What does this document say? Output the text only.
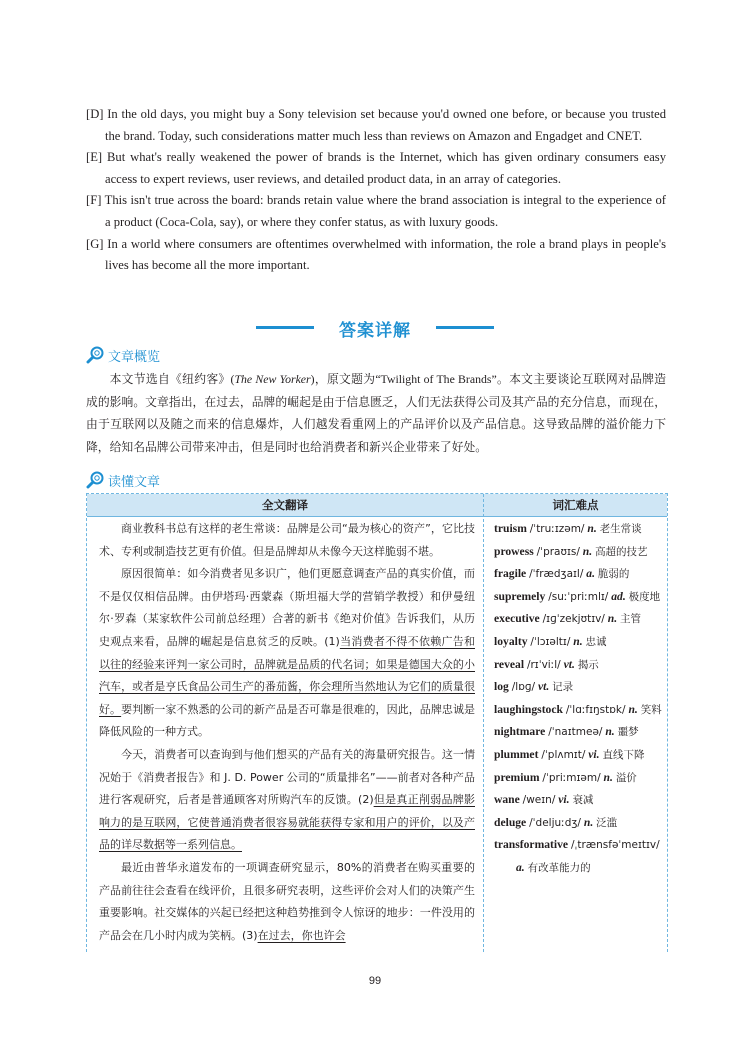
[D] In the old days, you might buy a Sony television set because you'd owned one before, or because you trusted the brand. Today, such considerations matter much less than reviews on Amazon and Engadget and CNET.

[E] But what's really weakened the power of brands is the Internet, which has given ordinary consumers easy access to expert reviews, user reviews, and detailed product data, in an array of categories.

[F] This isn't true across the board: brands retain value where the brand association is integral to the experience of a product (Coca-Cola, say), or where they confer status, as with luxury goods.

[G] In a world where consumers are oftentimes overwhelmed with information, the role a brand plays in people's lives has become all the more important.

答案详解
文章概览

本文节选自《纽约客》(The New Yorker)，原文题为“Twilight of The Brands”。本文主要谈论互联网对品牌造成的影响。文章指出，在过去，品牌的崛起是由于信息匮乏，人们无法获得公司及其产品的充分信息，而现在，由于互联网以及随之而来的信息爆炸，人们越发看重网上的产品评价以及产品信息。这导致品牌的溢价能力下降，给知名品牌公司带来冲击，但是同时也给消费者和新兴企业带来了好处。

读懂文章
全文翻译	词汇难点

商业教科书总有这样的老生常谈：品牌是公司“最为核心的资产”，它比技术、专利或制造技艺更有价值。但是品牌却从未像今天这样脆弱不堪。

原因很简单：如今消费者见多识广，他们更愿意调查产品的真实价值，而不是仅仅相信品牌。由伊塔玛·西蒙森（斯坦福大学的营销学教授）和伊曼纽尔·罗森（某家软件公司前总经理）合著的新书《绝对价值》告诉我们，从历史观点来看，品牌的崛起是信息贫乏的反映。(1)当消费者不得不依赖广告和以往的经验来评判一家公司时，品牌就是品质的代名词；如果是德国大众的小汽车，或者是亨氏食品公司生产的番茄酱，你会理所当然地认为它们的质量很好。要判断一家不熟悉的公司的新产品是否可靠是很难的，因此，品牌忠诚是降低风险的一种方式。

今天，消费者可以查询到与他们想买的产品有关的海量研究报告。这一情况始于《消费者报告》和 J. D. Power 公司的“质量排名”——前者对各种产品进行客观研究，后者是普通顾客对所购汽车的反馈。(2)但是真正削弱品牌影响力的是互联网，它使普通消费者很容易就能获得专家和用户的评价，以及产品的详尽数据等一系列信息。

最近由普华永道发布的一项调查研究显示，80%的消费者在购买重要的产品前往往会查看在线评价，且很多研究表明，这些评价会对人们的决策产生重要影响。社交媒体的兴起已经把这种趋势推到令人惊讶的地步：一件没用的产品会在几小时内成为笑柄。(3)在过去，你也许会

truism /ˈtruːɪzəm/ n. 老生常谈
prowess /ˈpraʊɪs/ n. 高超的技艺
fragile /ˈfrædʒaɪl/ a. 脆弱的
supremely /suːˈpriːmlɪ/ ad. 极度地
executive /ɪɡˈzekjʊtɪv/ n. 主管
loyalty /ˈlɔɪəltɪ/ n. 忠诚
reveal /rɪˈviːl/ vt. 揭示
log /lɒɡ/ vt. 记录
laughingstock /ˈlɑːfɪŋstɒk/ n. 笑料
nightmare /ˈnaɪtmeə/ n. 噩梦
plummet /ˈplʌmɪt/ vi. 直线下降
premium /ˈpriːmɪəm/ n. 溢价
wane /weɪn/ vi. 衰减
deluge /ˈdeljuːdʒ/ n. 泛滥
transformative /ˌtrænsfəˈmeɪtɪv/ a. 有改革能力的
99
